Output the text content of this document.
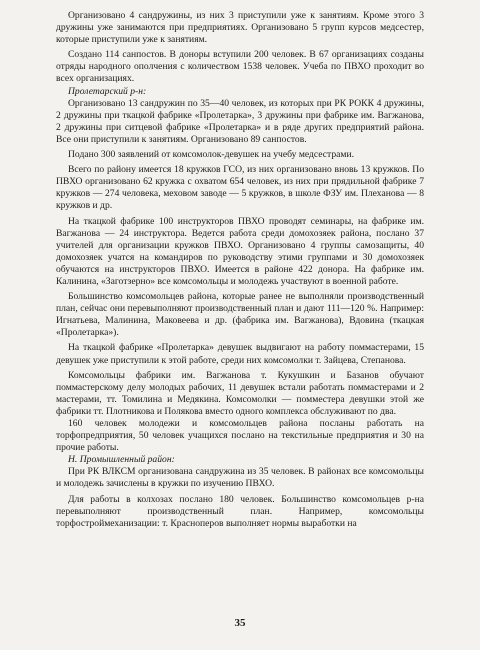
Организовано 4 сандружины, из них 3 приступили уже к занятиям. Кроме этого 3 дружины уже занимаются при предприятиях. Организовано 5 групп курсов медсестер, которые приступили уже к занятиям.

Создано 114 санпостов. В доноры вступили 200 человек. В 67 организациях созданы отряды народного ополчения с количеством 1538 человек. Учеба по ПВХО проходит во всех организациях.

Пролетарский р-н:

Организовано 13 сандружин по 35—40 человек, из которых при РК РОКК 4 дружины, 2 дружины при ткацкой фабрике «Пролетарка», 3 дружины при фабрике им. Вагжанова, 2 дружины при ситцевой фабрике «Пролетарка» и в ряде других предприятий района. Все они приступили к занятиям. Организовано 89 санпостов.

Подано 300 заявлений от комсомолок-девушек на учебу медсестрами.

Всего по району имеется 18 кружков ГСО, из них организовано вновь 13 кружков. По ПВХО организовано 62 кружка с охватом 654 человек, из них при прядильной фабрике 7 кружков — 274 человека, меховом заводе — 5 кружков, в школе ФЗУ им. Плеханова — 8 кружков и др.

На ткацкой фабрике 100 инструкторов ПВХО проводят семинары, на фабрике им. Вагжанова — 24 инструктора. Ведется работа среди домохозяек района, послано 37 учителей для организации кружков ПВХО. Организовано 4 группы самозащиты, 40 домохозяек учатся на командиров по руководству этими группами и 30 домохозяек обучаются на инструкторов ПВХО. Имеется в районе 422 донора. На фабрике им. Калинина, «Заготзерно» все комсомольцы и молодежь участвуют в военной работе.

Большинство комсомольцев района, которые ранее не выполняли производственный план, сейчас они перевыполняют производственный план и дают 111—120 %. Например: Игнатьева, Малинина, Маковеева и др. (фабрика им. Вагжанова), Вдовина (ткацкая «Пролетарка»).

На ткацкой фабрике «Пролетарка» девушек выдвигают на работу поммастерами, 15 девушек уже приступили к этой работе, среди них комсомолки т. Зайцева, Степанова.

Комсомольцы фабрики им. Вагжанова т. Кукушкин и Базанов обучают поммастерскому делу молодых рабочих, 11 девушек встали работать поммастерами и 2 мастерами, тт. Томилина и Медякина. Комсомолки — помместера девушки этой же фабрики тт. Плотникова и Полякова вместо одного комплекса обслуживают по два.

160 человек молодежи и комсомольцев района посланы работать на торфопредприятия, 50 человек учащихся послано на текстильные предприятия и 30 на прочие работы.

Н. Промышленный район:

При РК ВЛКСМ организована сандружина из 35 человек. В районах все комсомольцы и молодежь зачислены в кружки по изучению ПВХО.

Для работы в колхозах послано 180 человек. Большинство комсомольцев р-на перевыполняют производственный план. Например, комсомольцы торфостроймеханизации: т. Красноперов выполняет нормы выработки на

35
